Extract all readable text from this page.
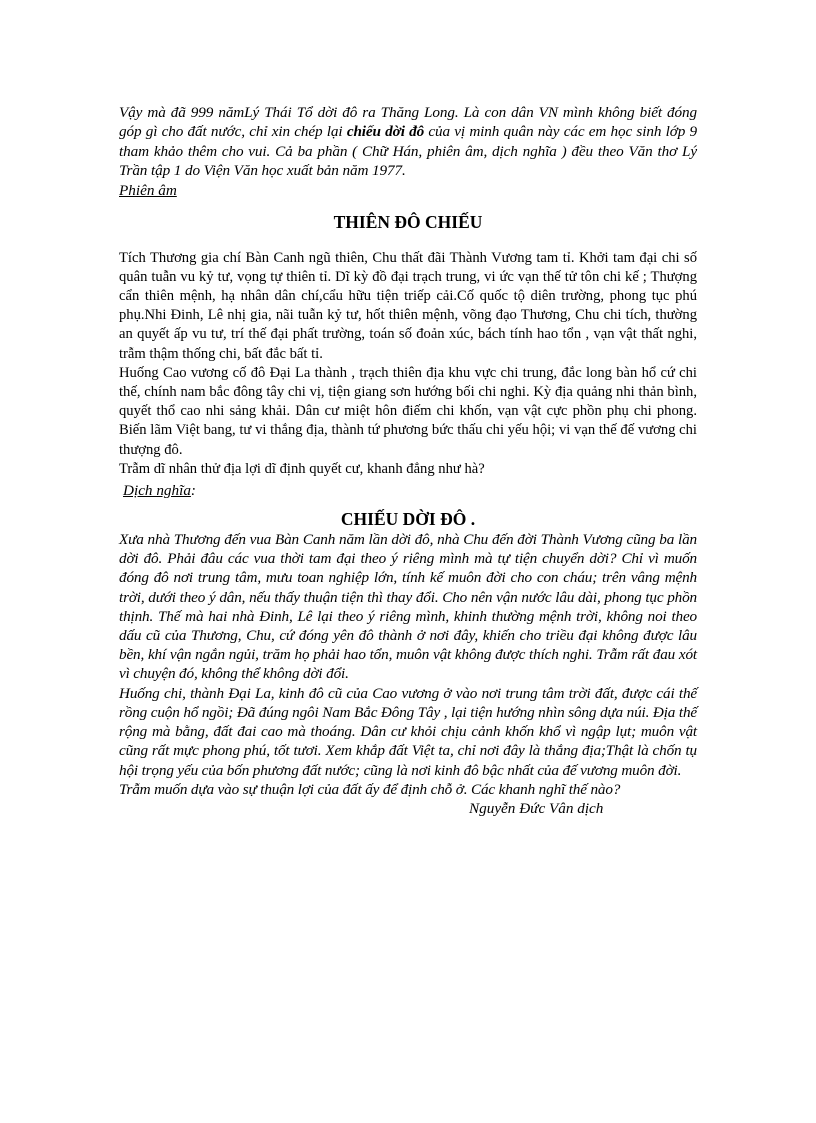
Vậy mà đã 999 nămLý Thái Tổ dời đô ra Thăng Long. Là con dân VN mình không biết đóng góp gì cho đất nước, chỉ xin chép lại chiếu dời đô của vị minh quân này các em học sinh lớp 9 tham khảo thêm cho vui. Cả ba phần ( Chữ Hán, phiên âm, dịch nghĩa ) đều theo Văn thơ Lý Trần tập 1 do Viện Văn học xuất bản năm 1977.

Phiên âm

THIÊN ĐÔ CHIẾU

Tích Thương gia chí Bàn Canh ngũ thiên, Chu thất đãi Thành Vương tam tỉ. Khởi tam đại chi số quân tuẫn vu kỷ tư, vọng tự thiên tỉ. Dĩ kỳ đồ đại trạch trung, vi ức vạn thế tử tôn chi kế ; Thượng cẩn thiên mệnh, hạ nhân dân chí,cẩu hữu tiện triếp cải.Cố quốc tộ diên trường, phong tục phú phụ.Nhi Đinh, Lê nhị gia, nãi tuẫn kỷ tư, hốt thiên mệnh, võng đạo Thương, Chu chi tích, thường an quyết ấp vu tư, trí thế đại phất trường, toán số đoản xúc, bách tính hao tổn , vạn vật thất nghi, trẫm thậm thống chi, bất đắc bất tỉ.

Huống Cao vương cố đô Đại La thành , trạch thiên địa khu vực chi trung, đắc long bàn hổ cứ chi thế, chính nam bắc đông tây chi vị, tiện giang sơn hướng bối chi nghi. Kỳ địa quảng nhi thản bình, quyết thổ cao nhi sảng khải. Dân cư miệt hôn điếm chi khốn, vạn vật cực phồn phụ chi phong. Biến lãm Việt bang, tư vi thắng địa, thành tứ phương bức thấu chi yếu hội; vi vạn thế đế vương chi thượng đô.

Trẫm dĩ nhân thử địa lợi dĩ định quyết cư, khanh đẳng như hà?

Dịch nghĩa:

CHIẾU DỜI ĐÔ .

Xưa nhà Thương đến vua Bàn Canh năm lần dời đô, nhà Chu đến đời Thành Vương cũng ba lần dời đô. Phải đâu các vua thời tam đại theo ý riêng mình mà tự tiện chuyển dời? Chỉ vì muốn đóng đô nơi trung tâm, mưu toan nghiệp lớn, tính kế muôn đời cho con cháu; trên vâng mệnh trời, dưới theo ý dân, nếu thấy thuận tiện thì thay đổi. Cho nên vận nước lâu dài, phong tục phồn thịnh. Thế mà hai nhà Đinh, Lê lại theo ý riêng mình, khinh thường mệnh trời, không noi theo dấu cũ của Thương, Chu, cứ đóng yên đô thành ở nơi đây, khiến cho triều đại không được lâu bền, khí vận ngắn ngủi, trăm họ phải hao tổn, muôn vật không được thích nghi. Trẫm rất đau xót vì chuyện đó, không thể không dời đổi.

Huống chi, thành Đại La, kinh đô cũ của Cao vương ở vào nơi trung tâm trời đất, được cái thế rồng cuộn hổ ngồi; Đã đúng ngôi Nam Bắc Đông Tây , lại tiện hướng nhìn sông dựa núi. Địa thế rộng mà bằng, đất đai cao mà thoáng. Dân cư khỏi chịu cảnh khốn khổ vì ngập lụt; muôn vật cũng rất mực phong phú, tốt tươi. Xem khắp đất Việt ta, chỉ nơi đây là thắng địa;Thật là chốn tụ hội trọng yếu của bốn phương đất nước; cũng là nơi kinh đô bậc nhất của đế vương muôn đời.

Trẫm muốn dựa vào sự thuận lợi của đất ấy để định chỗ ở. Các khanh nghĩ thế nào?

Nguyễn Đức Vân dịch
